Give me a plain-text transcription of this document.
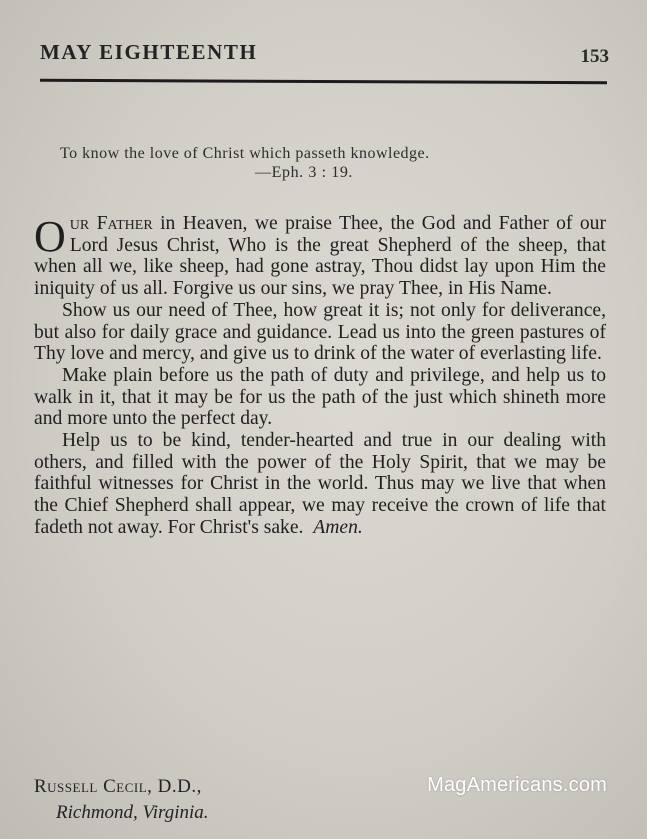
MAY EIGHTEENTH	153
To know the love of Christ which passeth knowledge.
—Eph. 3 : 19.

Our Father in Heaven, we praise Thee, the God and Father of our Lord Jesus Christ, Who is the great Shepherd of the sheep, that when all we, like sheep, had gone astray, Thou didst lay upon Him the iniquity of us all. Forgive us our sins, we pray Thee, in His Name.

Show us our need of Thee, how great it is; not only for deliverance, but also for daily grace and guidance. Lead us into the green pastures of Thy love and mercy, and give us to drink of the water of everlasting life.

Make plain before us the path of duty and privilege, and help us to walk in it, that it may be for us the path of the just which shineth more and more unto the perfect day.

Help us to be kind, tender-hearted and true in our dealing with others, and filled with the power of the Holy Spirit, that we may be faithful witnesses for Christ in the world. Thus may we live that when the Chief Shepherd shall appear, we may receive the crown of life that fadeth not away. For Christ's sake. Amen.

Russell Cecil, D.D.,
Richmond, Virginia.
MagAmericans.com
